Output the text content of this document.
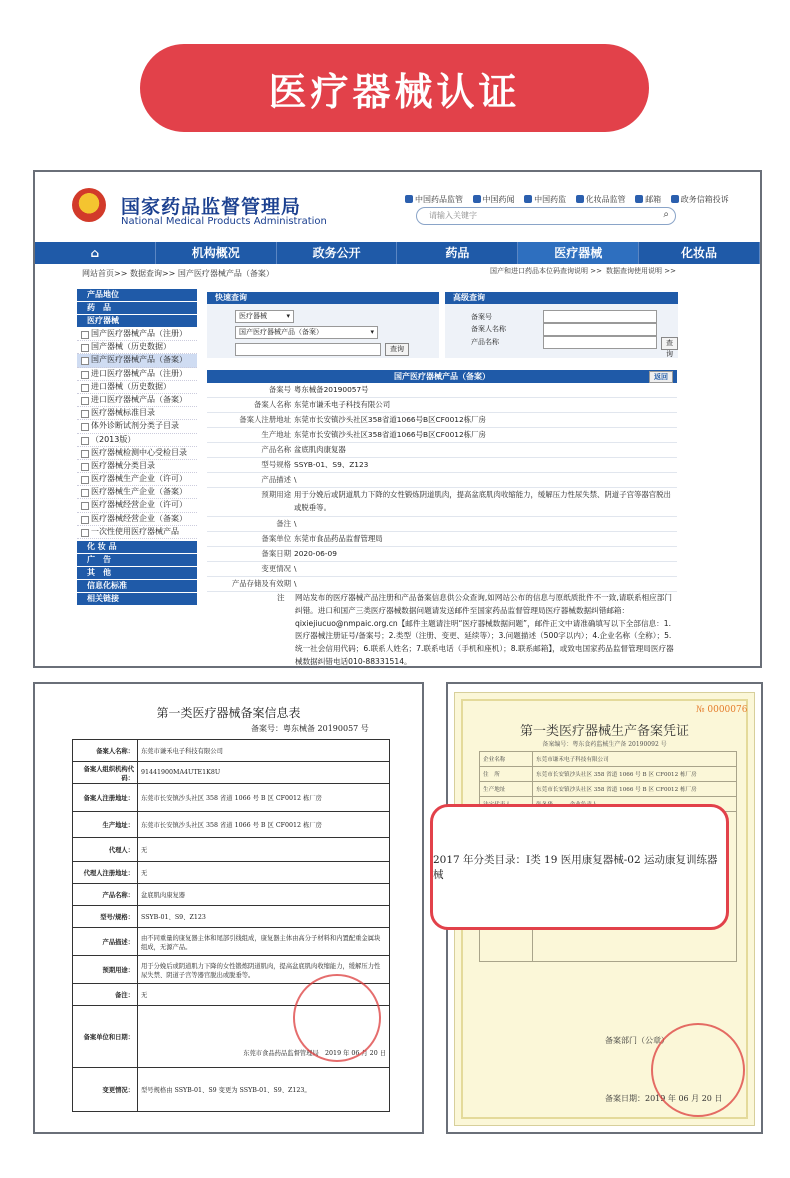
医疗器械认证
国家药品监督管理局
National Medical Products Administration
中国药品监管 中国药闻 中国药监 化妆品监管 邮箱 政务信箱投诉
请输入关键字	⌕
⌂	机构概况	政务公开	药品	医疗器械	化妆品
网站首页>> 数据查询>> 国产医疗器械产品（备案）	国产和进口药品本位码查询说明 >> 数据查询使用说明 >>
产品地位
药　品
医疗器械
国产医疗器械产品（注册）
国产器械（历史数据）
国产医疗器械产品（备案）
进口医疗器械产品（注册）
进口器械（历史数据）
进口医疗器械产品（备案）
医疗器械标准目录
体外诊断试剂分类子目录
（2013版）
医疗器械检测中心受检目录
医疗器械分类目录
医疗器械生产企业（许可）
医疗器械生产企业（备案）
医疗器械经营企业（许可）
医疗器械经营企业（备案）
一次性使用医疗器械产品
化 妆 品
广　告
其　他
信息化标准
相关链接
快速查询
医疗器械 ▾
国产医疗器械产品（备案） ▾
查询
高级查询
备案号
备案人名称
产品名称	查询
国产医疗器械产品（备案）	返回
备案号 粤东械备20190057号
备案人名称 东莞市谦禾电子科技有限公司
备案人注册地址 东莞市长安镇沙头社区358省道1066号B区CF0012栋厂房
生产地址 东莞市长安镇沙头社区358省道1066号B区CF0012栋厂房
产品名称 盆底肌肉康复器
型号规格 SSYB-01、S9、Z123
产品描述 \
预期用途 用于分娩后或阴道肌力下降的女性锻炼阴道肌肉，提高盆底肌肉收缩能力，缓解压力性尿失禁、阴道子宫等器官脱出或脱垂等。
备注 \
备案单位 东莞市食品药品监督管理局
备案日期 2020-06-09
变更情况 \
产品存储及有效期 \
注 网站发布的医疗器械产品注册和产品备案信息供公众查询,如网站公布的信息与原纸质批件不一致,请联系相应部门纠错。进口和国产三类医疗器械数据问题请发送邮件至国家药品监督管理局医疗器械数据纠错邮箱：qixiejiucuo@nmpaic.org.cn【邮件主题请注明“医疗器械数据问题”，邮件正文中请准确填写以下全部信息：1.医疗器械注册证号/备案号；2.类型（注册、变更、延续等）；3.问题描述（500字以内）；4.企业名称（全称）；5.统一社会信用代码；6.联系人姓名；7.联系电话（手机和座机）；8.联系邮箱】，或致电国家药品监督管理局医疗器械数据纠错电话010-88331514。
第一类医疗器械备案信息表
备案号：粤东械备 20190057 号
备案人名称：	东莞市谦禾电子科技有限公司
备案人组织机构代码：	91441900MA4UTE1K8U
备案人注册地址：	东莞市长安镇沙头社区 358 省道 1066 号 B 区 CF0012 栋厂房
生产地址：	东莞市长安镇沙头社区 358 省道 1066 号 B 区 CF0012 栋厂房
代理人：	无
代理人注册地址：	无
产品名称：	盆底肌肉康复器
型号/规格：	SSYB-01、S9、Z123
产品描述：	由不同重量的康复器主体和尾部引线组成，康复器主体由高分子材料和内置配重金属块组成，无源产品。
预期用途：	用于分娩后或阴道肌力下降的女性锻炼阴道肌肉，提高盆底肌肉收缩能力，缓解压力性尿失禁、阴道子宫等器官脱出或脱垂等。
备注：	无
备案单位和日期：	东莞市食品药品监督管理局　2019 年 06 月 20 日
变更情况：	型号规格由 SSYB-01、S9 变更为 SSYB-01、S9、Z123。
№ 0000076
第一类医疗器械生产备案凭证
备案编号：粤东食药监械生产备 20190092 号
企业名称	东莞市谦禾电子科技有限公司
住　所	东莞市长安镇沙头社区 358 省道 1066 号 B 区 CF0012 栋厂房
生产地址	东莞市长安镇沙头社区 358 省道 1066 号 B 区 CF0012 栋厂房

备案部门（公章）
备案日期：2019 年 06 月 20 日
2017 年分类目录：Ⅰ类 19 医用康复器械-02 运动康复训练器械
